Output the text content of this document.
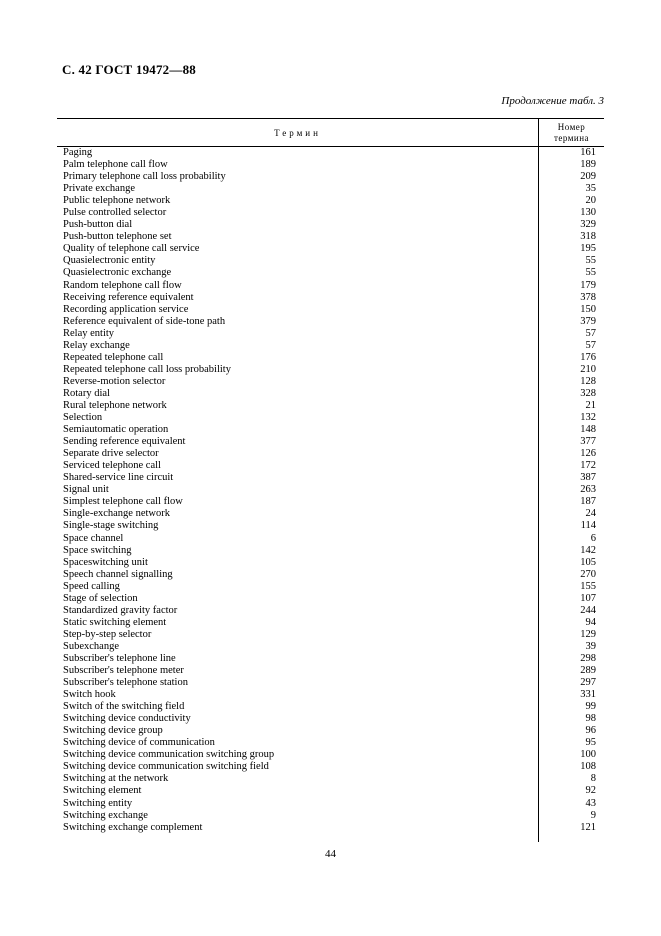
С. 42 ГОСТ 19472—88
Продолжение табл. 3
Термин
Номер
термина
Paging	161
Palm telephone call flow	189
Primary telephone call loss probability	209
Private exchange	35
Public telephone network	20
Pulse controlled selector	130
Push-button dial	329
Push-button telephone set	318
Quality of telephone call service	195
Quasielectronic entity	55
Quasielectronic exchange	55
Random telephone call flow	179
Receiving reference equivalent	378
Recording application service	150
Reference equivalent of side-tone path	379
Relay entity	57
Relay exchange	57
Repeated telephone call	176
Repeated telephone call loss probability	210
Reverse-motion selector	128
Rotary dial	328
Rural telephone network	21
Selection	132
Semiautomatic operation	148
Sending reference equivalent	377
Separate drive selector	126
Serviced telephone call	172
Shared-service line circuit	387
Signal unit	263
Simplest telephone call flow	187
Single-exchange network	24
Single-stage switching	114
Space channel	6
Space switching	142
Spaceswitching unit	105
Speech channel signalling	270
Speed calling	155
Stage of selection	107
Standardized gravity factor	244
Static switching element	94
Step-by-step selector	129
Subexchange	39
Subscriber's telephone line	298
Subscriber's telephone meter	289
Subscriber's telephone station	297
Switch hook	331
Switch of the switching field	99
Switching device conductivity	98
Switching device group	96
Switching device of communication	95
Switching device communication switching group	100
Switching device communication switching field	108
Switching at the network	8
Switching element	92
Switching entity	43
Switching exchange	9
Switching exchange complement	121
44
